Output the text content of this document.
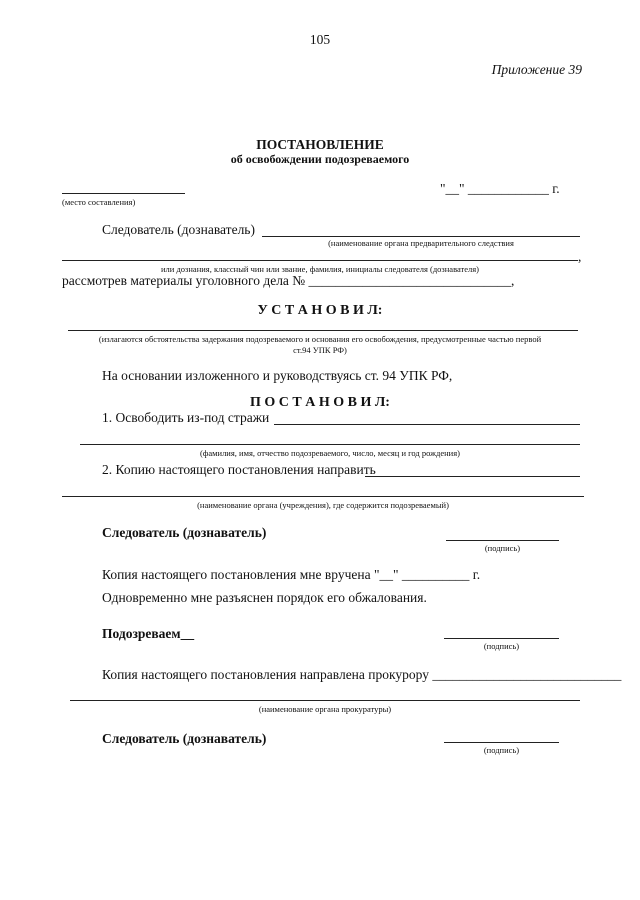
105
Приложение 39
ПОСТАНОВЛЕНИЕ
об освобождении подозреваемого
(место составления)
"__" ____________ г.
Следователь (дознаватель)
(наименование органа предварительного следствия
,
или дознания, классный чин или звание, фамилия, инициалы следователя (дознавателя)
рассмотрев материалы уголовного дела № ______________________________,
У С Т А Н О В И Л:
(излагаются обстоятельства задержания подозреваемого и основания его освобождения, предусмотренные частью первой
ст.94 УПК РФ)
На основании изложенного и руководствуясь ст. 94 УПК РФ,
П О С Т А Н О В И Л:
1. Освободить из-под стражи
(фамилия, имя, отчество подозреваемого, число, месяц и год рождения)
2. Копию настоящего постановления направить
(наименование органа (учреждения), где содержится подозреваемый)
Следователь (дознаватель)
(подпись)
Копия настоящего постановления мне вручена "__" __________ г.
Одновременно мне разъяснен порядок его обжалования.
Подозреваем__
(подпись)
Копия настоящего постановления направлена прокурору ____________________________
(наименование органа прокуратуры)
Следователь (дознаватель)
(подпись)
